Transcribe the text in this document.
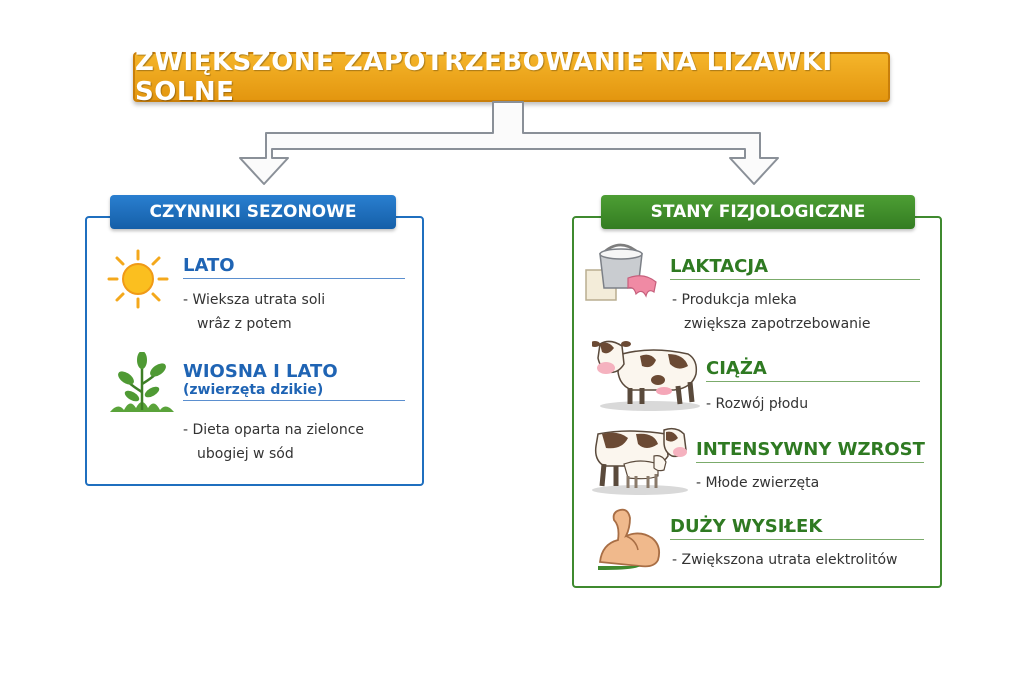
ZWIĘKSZONE ZAPOTRZEBOWANIE NA LIZAWKI SOLNE
CZYNNIKI SEZONOWE
LATO
- Wieksza utrata soli
wrâz z potem
WIOSNA I LATO
(zwierzęta dzikie)
- Dieta oparta na zielonce
ubogiej w sód
STANY FIZJOLOGICZNE
LAKTACJA
- Produkcja mleka
zwiększa zapotrzebowanie
CIĄŻA
- Rozwój płodu
INTENSYWNY WZROST
- Młode zwierzęta
DUŻY WYSIŁEK
- Zwiększona utrata elektrolitów
